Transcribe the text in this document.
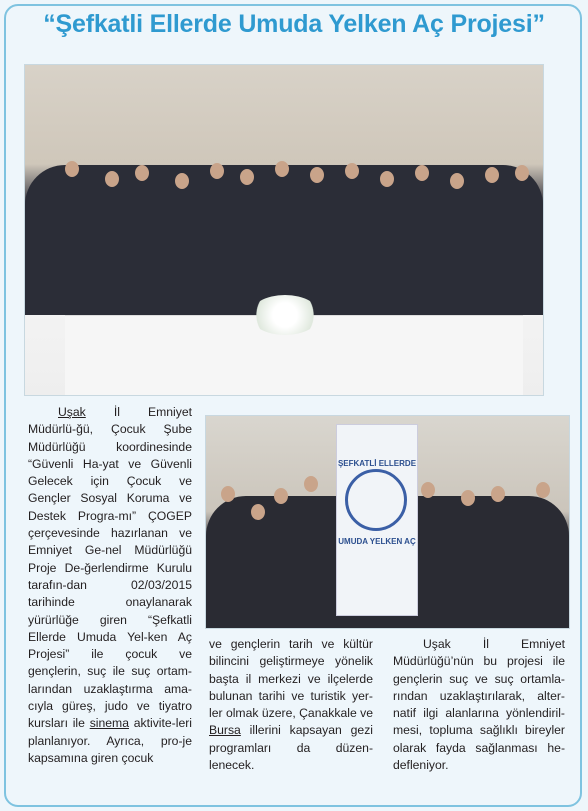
“Şefkatli Ellerde Umuda Yelken Aç Projesi”
ŞEFKATLİ ELLERDE
UMUDA YELKEN AÇ

Uşak İl Emniyet Müdürlü-ğü, Çocuk Şube Müdürlüğü koordinesinde “Güvenli Ha-yat ve Güvenli Gelecek için Çocuk ve Gençler Sosyal Koruma ve Destek Progra-mı” ÇOGEP çerçevesinde hazırlanan ve Emniyet Ge-nel Müdürlüğü Proje De-ğerlendirme Kurulu tarafın-dan 02/03/2015 tarihinde onaylanarak yürürlüğe giren “Şefkatli Ellerde Umuda Yel-ken Aç Projesi” ile çocuk ve gençlerin, suç ile suç ortam-larından uzaklaştırma ama-cıyla güreş, judo ve tiyatro kursları ile sinema aktivite-leri planlanıyor. Ayrıca, pro-je kapsamına giren çocuk

ve gençlerin tarih ve kültür bilincini geliştirmeye yönelik başta il merkezi ve ilçelerde bulunan tarihi ve turistik yer-ler olmak üzere, Çanakkale ve Bursa illerini kapsayan gezi programları da düzen-lenecek.

Uşak İl Emniyet Müdürlüğü’nün bu projesi ile gençlerin suç ve suç ortamla-rından uzaklaştırılarak, alter-natif ilgi alanlarına yönlendiril-mesi, topluma sağlıklı bireyler olarak fayda sağlanması he-defleniyor.
